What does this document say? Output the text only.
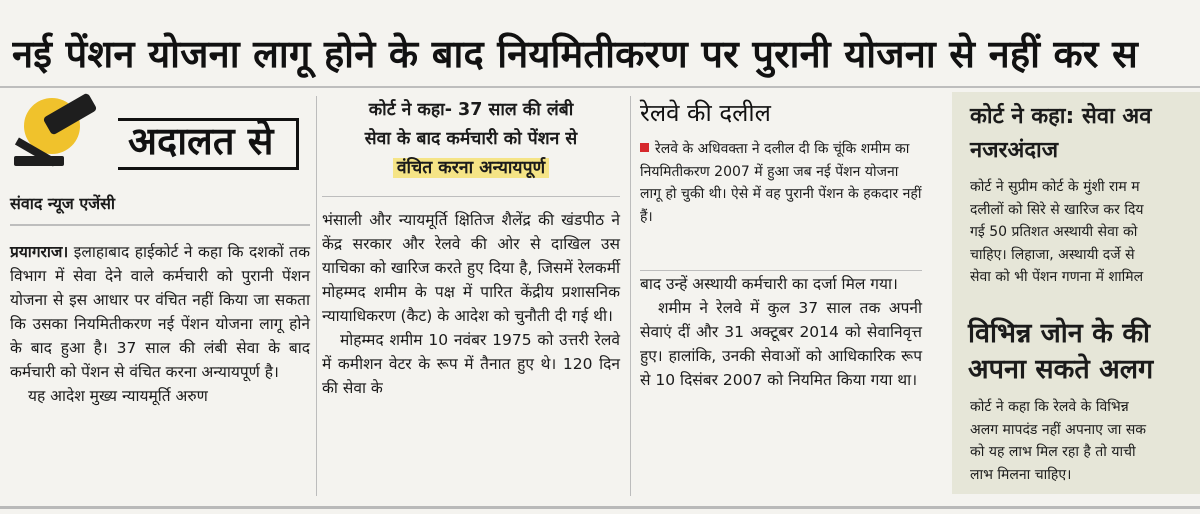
नई पेंशन योजना लागू होने के बाद नियमितीकरण पर पुरानी योजना से नहीं कर स
अदालत से
संवाद न्यूज एजेंसी

प्रयागराज। इलाहाबाद हाईकोर्ट ने कहा कि दशकों तक विभाग में सेवा देने वाले कर्मचारी को पुरानी पेंशन योजना से इस आधार पर वंचित नहीं किया जा सकता कि उसका नियमितीकरण नई पेंशन योजना लागू होने के बाद हुआ है। 37 साल की लंबी सेवा के बाद कर्मचारी को पेंशन से वंचित करना अन्यायपूर्ण है।

यह आदेश मुख्य न्यायमूर्ति अरुण

कोर्ट ने कहा- 37 साल की लंबी
सेवा के बाद कर्मचारी को पेंशन से
वंचित करना अन्यायपूर्ण

भंसाली और न्यायमूर्ति क्षितिज शैलेंद्र की खंडपीठ ने केंद्र सरकार और रेलवे की ओर से दाखिल उस याचिका को खारिज करते हुए दिया है, जिसमें रेलकर्मी मोहम्मद शमीम के पक्ष में पारित केंद्रीय प्रशासनिक न्यायाधिकरण (कैट) के आदेश को चुनौती दी गई थी।

मोहम्मद शमीम 10 नवंबर 1975 को उत्तरी रेलवे में कमीशन वेटर के रूप में तैनात हुए थे। 120 दिन की सेवा के

रेलवे की दलील
रेलवे के अधिवक्ता ने दलील दी कि चूंकि शमीम का नियमितीकरण 2007 में हुआ जब नई पेंशन योजना लागू हो चुकी थी। ऐसे में वह पुरानी पेंशन के हकदार नहीं हैं।

बाद उन्हें अस्थायी कर्मचारी का दर्जा मिल गया।

शमीम ने रेलवे में कुल 37 साल तक अपनी सेवाएं दीं और 31 अक्टूबर 2014 को सेवानिवृत्त हुए। हालांकि, उनकी सेवाओं को आधिकारिक रूप से 10 दिसंबर 2007 को नियमित किया गया था।

कोर्ट ने कहा: सेवा अव
नजरअंदाज
कोर्ट ने सुप्रीम कोर्ट के मुंशी राम म
दलीलों को सिरे से खारिज कर दिय
गई 50 प्रतिशत अस्थायी सेवा को
चाहिए। लिहाजा, अस्थायी दर्जे से
सेवा को भी पेंशन गणना में शामिल
विभिन्न जोन के की
अपना सकते अलग
कोर्ट ने कहा कि रेलवे के विभिन्न
अलग मापदंड नहीं अपनाए जा सक
को यह लाभ मिल रहा है तो याची
लाभ मिलना चाहिए।
